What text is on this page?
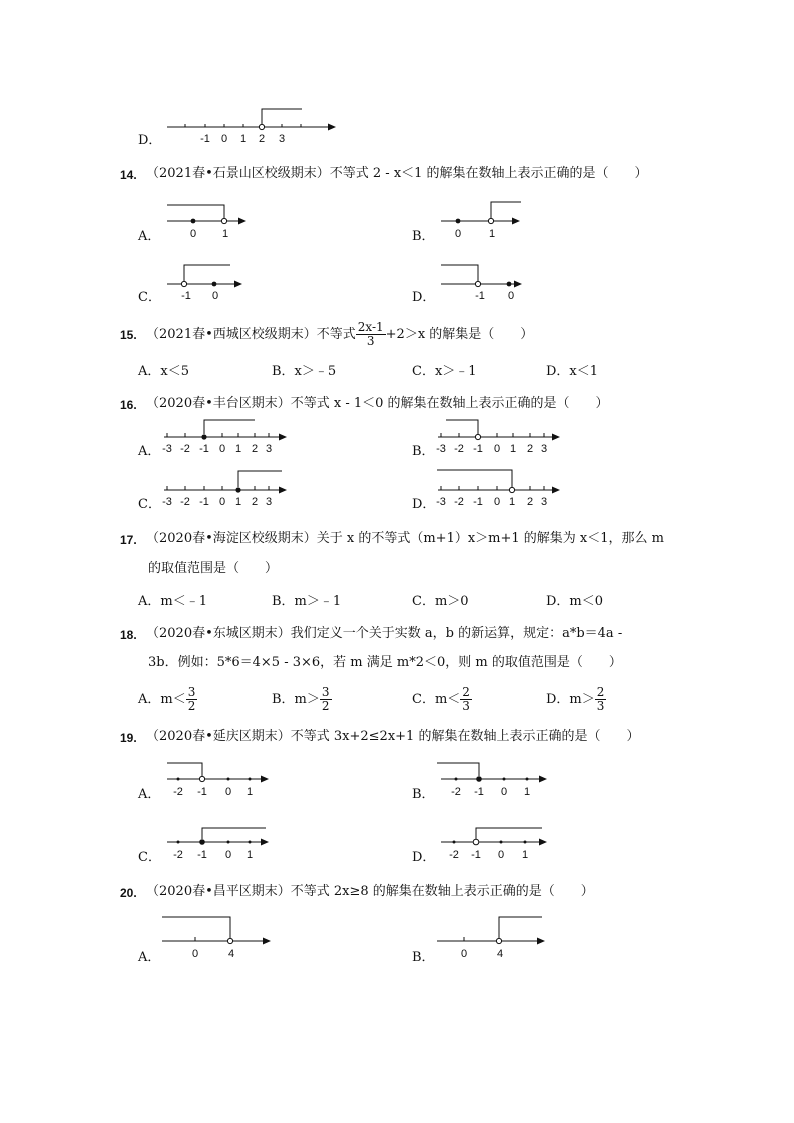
D．	-1 0 1 2 3
14. （2021春•石景山区校级期末）不等式 2 - x＜1 的解集在数轴上表示正确的是（　　）
A．	B．
C．	D．
0 1	0	1
-1 0	-1 0
15. （2021春•西城区校级期末）不等式 $\frac{2x-1}{3} +2>x$ 的解集是（　　）
A．x＜5	B．x＞﹣5	C．x＞﹣1	D．x＜1
16. （2020春•丰台区期末）不等式 x - 1＜0 的解集在数轴上表示正确的是（　　）
A．	B．
C．	D．
-3 -2 -1 0 1 2 3	-3 -2 -1 0 1 2 3
-3 -2 -1 0 1 2 3	-3 -2 -1 0 1 2 3
17. （2020春•海淀区校级期末）关于 x 的不等式（m+1）x＞m+1 的解集为 x＜1，那么 m
的取值范围是（　　）
A．m＜﹣1	B．m＞﹣1	C．m＞0	D．m＜0
18. （2020春•东城区期末）我们定义一个关于实数 a，b 的新运算，规定：a*b＝4a -
3b．例如：5*6＝4×5 - 3×6，若 m 满足 m*2＜0，则 m 的取值范围是（　　）
A．$m< \frac{3}{2}$	B．$m> \frac{3}{2}$	C．$m< \frac{2}{3}$	D．$m> \frac{2}{3}$
19. （2020春•延庆区期末）不等式 3x+2≤2x+1 的解集在数轴上表示正确的是（　　）
A．	B．
C．	D．
-2 -1 0 1	-2 -1 0 1
-2 -1 0 1	-2 -1 0 1
20. （2020春•昌平区期末）不等式 2x≥8 的解集在数轴上表示正确的是（　　）
A．	B．
0	4	0	4
